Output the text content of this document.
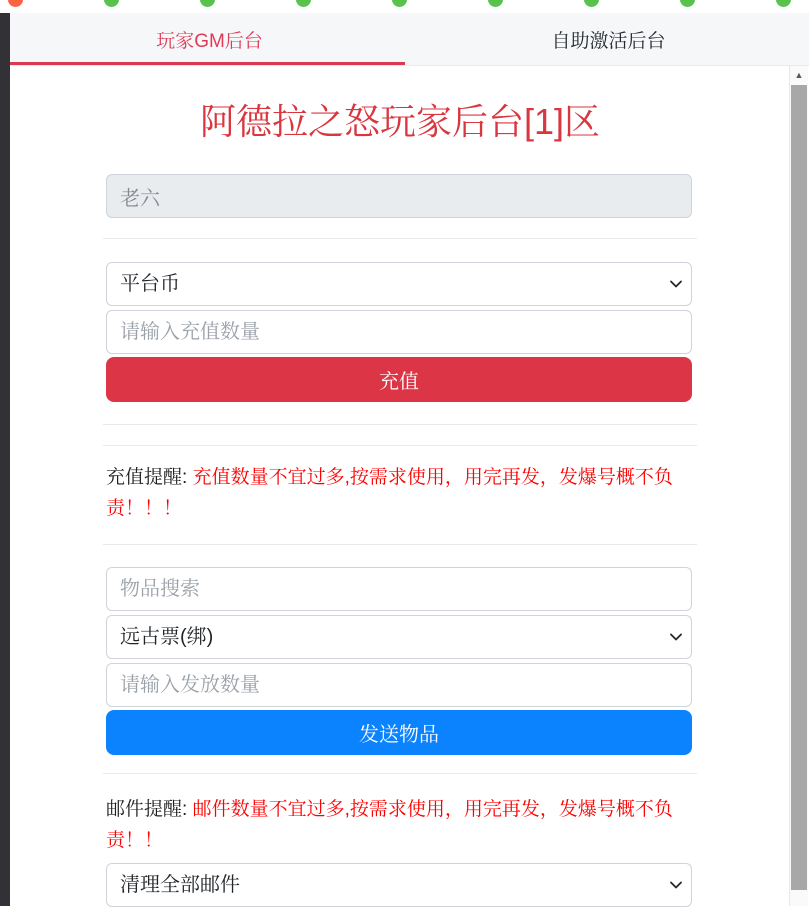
玩家GM后台	自助激活后台
阿德拉之怒玩家后台[1]区
老六
平台币
请输入充值数量
充值

充值提醒: 充值数量不宜过多,按需求使用，用完再发，发爆号概不负责！！！

物品搜索
远古票(绑)
请输入发放数量
发送物品

邮件提醒: 邮件数量不宜过多,按需求使用，用完再发，发爆号概不负责！！

清理全部邮件
▲
